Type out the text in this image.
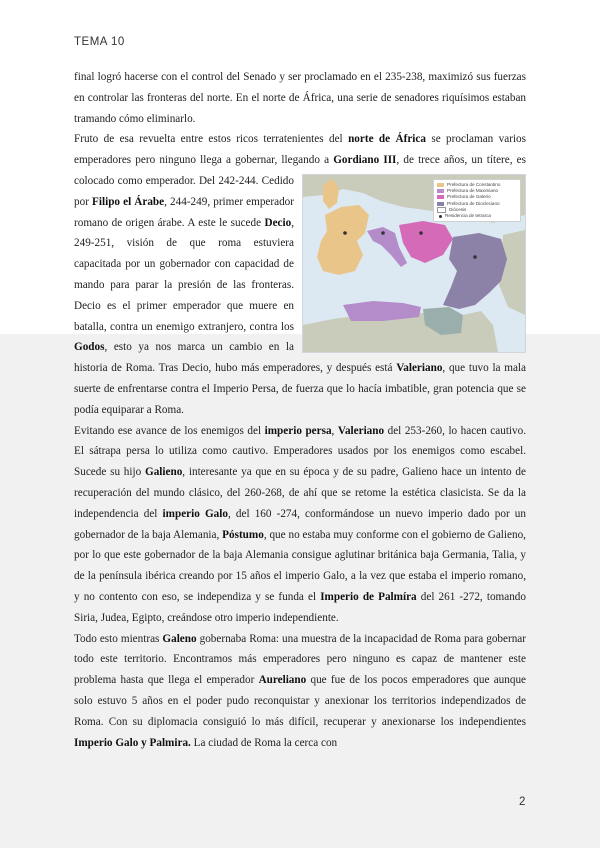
TEMA 10

final logró hacerse con el control del Senado y ser proclamado en el 235-238, maximizó sus fuerzas en controlar las fronteras del norte. En el norte de África, una serie de senadores riquísimos estaban tramando cómo eliminarlo.

Fruto de esa revuelta entre estos ricos terratenientes del norte de África se proclaman varios emperadores pero ninguno llega a gobernar, llegando a
Prefectura de Constantino
Prefectura de Maximiano
Prefectura de Galerio
Prefectura de Diocleciano
Diócesis
Residencia de tetrarca
Gordiano III, de trece años, un títere, es colocado como emperador. Del 242-244. Cedido por Filipo el Árabe, 244-249, primer emperador romano de origen árabe. A este le sucede Decio, 249-251, visión de que roma estuviera capacitada por un gobernador con capacidad de mando para parar la presión de las fronteras. Decio es el primer emperador que muere en batalla, contra un enemigo extranjero, contra los Godos, esto ya nos marca un cambio en la historia de Roma. Tras Decio, hubo más emperadores, y después está Valeriano, que tuvo la mala suerte de enfrentarse contra el Imperio Persa, de fuerza que lo hacía imbatible, gran potencia que se podía equiparar a Roma.

Evitando ese avance de los enemigos del imperio persa, Valeriano del 253-260, lo hacen cautivo. El sátrapa persa lo utiliza como cautivo. Emperadores usados por los enemigos como escabel. Sucede su hijo Galieno, interesante ya que en su época y de su padre, Galieno hace un intento de recuperación del mundo clásico, del 260-268, de ahí que se retome la estética clasicista. Se da la independencia del imperio Galo, del 160 -274, conformándose un nuevo imperio dado por un gobernador de la baja Alemania, Póstumo, que no estaba muy conforme con el gobierno de Galieno, por lo que este gobernador de la baja Alemania consigue aglutinar británica baja Germania, Talia, y de la península ibérica creando por 15 años el imperio Galo, a la vez que estaba el imperio romano, y no contento con eso, se independiza y se funda el Imperio de Palmíra del 261 -272, tomando Siria, Judea, Egipto, creándose otro imperio independiente.

Todo esto mientras Galeno gobernaba Roma: una muestra de la incapacidad de Roma para gobernar todo este territorio. Encontramos más emperadores pero ninguno es capaz de mantener este problema hasta que llega el emperador Aureliano que fue de los pocos emperadores que aunque solo estuvo 5 años en el poder pudo reconquistar y anexionar los territorios independizados de Roma. Con su diplomacia consiguió lo más difícil, recuperar y anexionarse los independientes Imperio Galo y Palmira. La ciudad de Roma la cerca con

2
